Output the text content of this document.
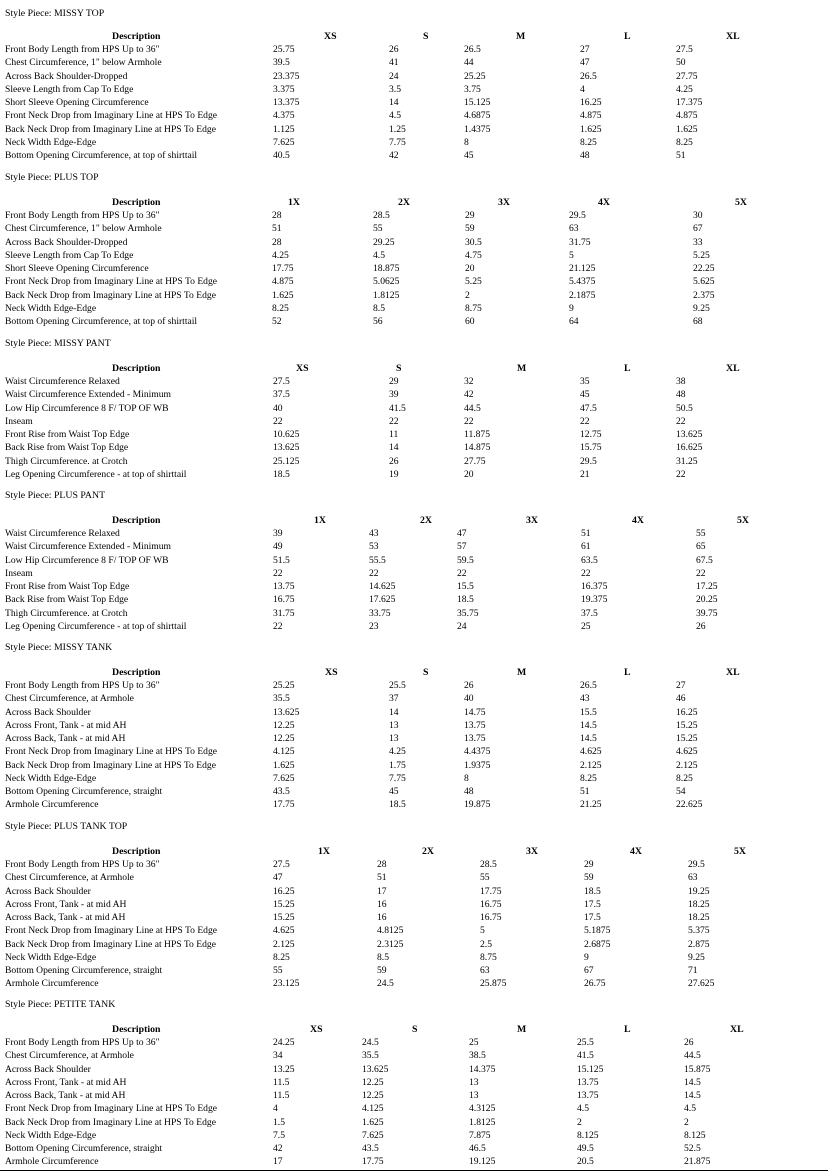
Style Piece: MISSY TOP
Description	XS	S	M	L	XL
Front Body Length from HPS Up to 36"	25.75	26	26.5	27	27.5
Chest Circumference, 1" below Armhole	39.5	41	44	47	50
Across Back Shoulder-Dropped	23.375	24	25.25	26.5	27.75
Sleeve Length from Cap To Edge	3.375	3.5	3.75	4	4.25
Short Sleeve Opening Circumference	13.375	14	15.125	16.25	17.375
Front Neck Drop from Imaginary Line at HPS To Edge	4.375	4.5	4.6875	4.875	4.875
Back Neck Drop from Imaginary Line at HPS To Edge	1.125	1.25	1.4375	1.625	1.625
Neck Width Edge-Edge	7.625	7.75	8	8.25	8.25
Bottom Opening Circumference, at top of shirttail	40.5	42	45	48	51
Style Piece: PLUS TOP
Description	1X	2X	3X	4X	5X
Front Body Length from HPS Up to 36"	28	28.5	29	29.5	30
Chest Circumference, 1" below Armhole	51	55	59	63	67
Across Back Shoulder-Dropped	28	29.25	30.5	31.75	33
Sleeve Length from Cap To Edge	4.25	4.5	4.75	5	5.25
Short Sleeve Opening Circumference	17.75	18.875	20	21.125	22.25
Front Neck Drop from Imaginary Line at HPS To Edge	4.875	5.0625	5.25	5.4375	5.625
Back Neck Drop from Imaginary Line at HPS To Edge	1.625	1.8125	2	2.1875	2.375
Neck Width Edge-Edge	8.25	8.5	8.75	9	9.25
Bottom Opening Circumference, at top of shirttail	52	56	60	64	68
Style Piece: MISSY PANT
Description	XS	S	M	L	XL
Waist Circumference Relaxed	27.5	29	32	35	38
Waist Circumference Extended - Minimum	37.5	39	42	45	48
Low Hip Circumference 8 F/ TOP OF WB	40	41.5	44.5	47.5	50.5
Inseam	22	22	22	22	22
Front Rise from Waist Top Edge	10.625	11	11.875	12.75	13.625
Back Rise from Waist Top Edge	13.625	14	14.875	15.75	16.625
Thigh Circumference. at Crotch	25.125	26	27.75	29.5	31.25
Leg Opening Circumference - at top of shirttail	18.5	19	20	21	22
Style Piece: PLUS PANT
Description	1X	2X	3X	4X	5X
Waist Circumference Relaxed	39	43	47	51	55
Waist Circumference Extended - Minimum	49	53	57	61	65
Low Hip Circumference 8 F/ TOP OF WB	51.5	55.5	59.5	63.5	67.5
Inseam	22	22	22	22	22
Front Rise from Waist Top Edge	13.75	14.625	15.5	16.375	17.25
Back Rise from Waist Top Edge	16.75	17.625	18.5	19.375	20.25
Thigh Circumference. at Crotch	31.75	33.75	35.75	37.5	39.75
Leg Opening Circumference - at top of shirttail	22	23	24	25	26
Style Piece: MISSY TANK
Description	XS	S	M	L	XL
Front Body Length from HPS Up to 36"	25.25	25.5	26	26.5	27
Chest Circumference, at Armhole	35.5	37	40	43	46
Across Back Shoulder	13.625	14	14.75	15.5	16.25
Across Front, Tank - at mid AH	12.25	13	13.75	14.5	15.25
Across Back, Tank - at mid AH	12.25	13	13.75	14.5	15.25
Front Neck Drop from Imaginary Line at HPS To Edge	4.125	4.25	4.4375	4.625	4.625
Back Neck Drop from Imaginary Line at HPS To Edge	1.625	1.75	1.9375	2.125	2.125
Neck Width Edge-Edge	7.625	7.75	8	8.25	8.25
Bottom Opening Circumference, straight	43.5	45	48	51	54
Armhole Circumference	17.75	18.5	19.875	21.25	22.625
Style Piece: PLUS TANK TOP
Description	1X	2X	3X	4X	5X
Front Body Length from HPS Up to 36"	27.5	28	28.5	29	29.5
Chest Circumference, at Armhole	47	51	55	59	63
Across Back Shoulder	16.25	17	17.75	18.5	19.25
Across Front, Tank - at mid AH	15.25	16	16.75	17.5	18.25
Across Back, Tank - at mid AH	15.25	16	16.75	17.5	18.25
Front Neck Drop from Imaginary Line at HPS To Edge	4.625	4.8125	5	5.1875	5.375
Back Neck Drop from Imaginary Line at HPS To Edge	2.125	2.3125	2.5	2.6875	2.875
Neck Width Edge-Edge	8.25	8.5	8.75	9	9.25
Bottom Opening Circumference, straight	55	59	63	67	71
Armhole Circumference	23.125	24.5	25.875	26.75	27.625
Style Piece: PETITE TANK
Description	XS	S	M	L	XL
Front Body Length from HPS Up to 36"	24.25	24.5	25	25.5	26
Chest Circumference, at Armhole	34	35.5	38.5	41.5	44.5
Across Back Shoulder	13.25	13.625	14.375	15.125	15.875
Across Front, Tank - at mid AH	11.5	12.25	13	13.75	14.5
Across Back, Tank - at mid AH	11.5	12.25	13	13.75	14.5
Front Neck Drop from Imaginary Line at HPS To Edge	4	4.125	4.3125	4.5	4.5
Back Neck Drop from Imaginary Line at HPS To Edge	1.5	1.625	1.8125	2	2
Neck Width Edge-Edge	7.5	7.625	7.875	8.125	8.125
Bottom Opening Circumference, straight	42	43.5	46.5	49.5	52.5
Armhole Circumference	17	17.75	19.125	20.5	21.875
